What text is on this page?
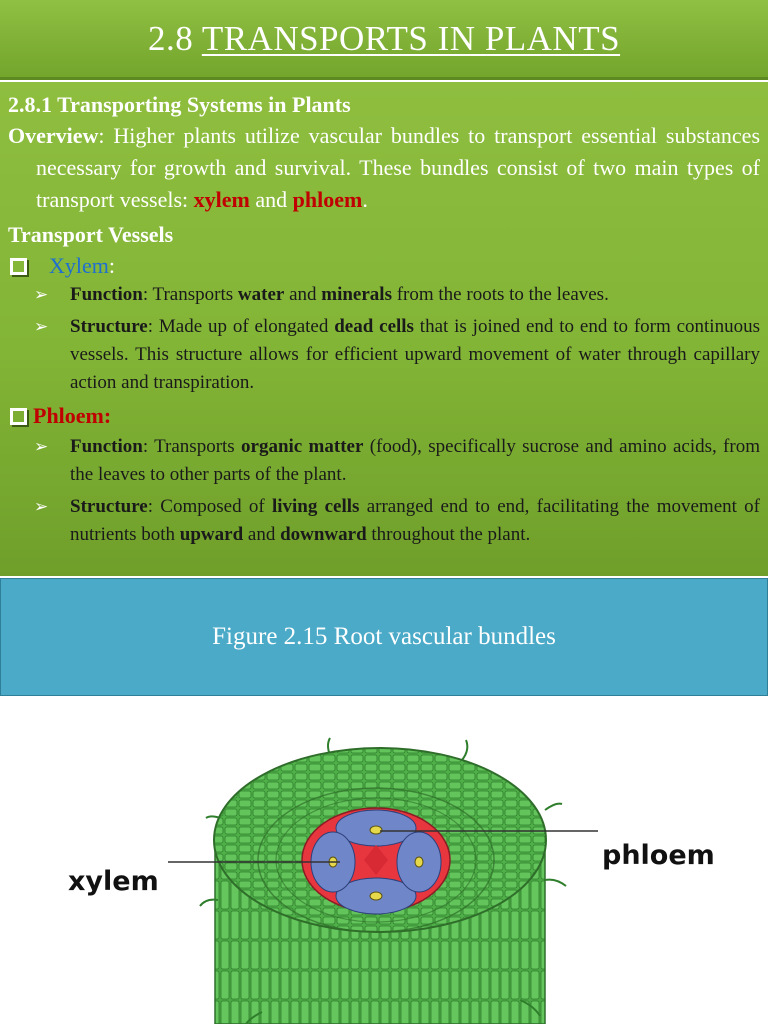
2.8 TRANSPORTS IN PLANTS
2.8.1 Transporting Systems in Plants

Overview: Higher plants utilize vascular bundles to transport essential substances necessary for growth and survival. These bundles consist of two main types of transport vessels: xylem and phloem.

Transport Vessels
Xylem:
➢ Function: Transports water and minerals from the roots to the leaves.
➢ Structure: Made up of elongated dead cells that is joined end to end to form continuous vessels. This structure allows for efficient upward movement of water through capillary action and transpiration.
Phloem:
➢ Function: Transports organic matter (food), specifically sucrose and amino acids, from the leaves to other parts of the plant.
➢ Structure: Composed of living cells arranged end to end, facilitating the movement of nutrients both upward and downward throughout the plant.
Figure 2.15 Root vascular bundles
xylem
phloem
